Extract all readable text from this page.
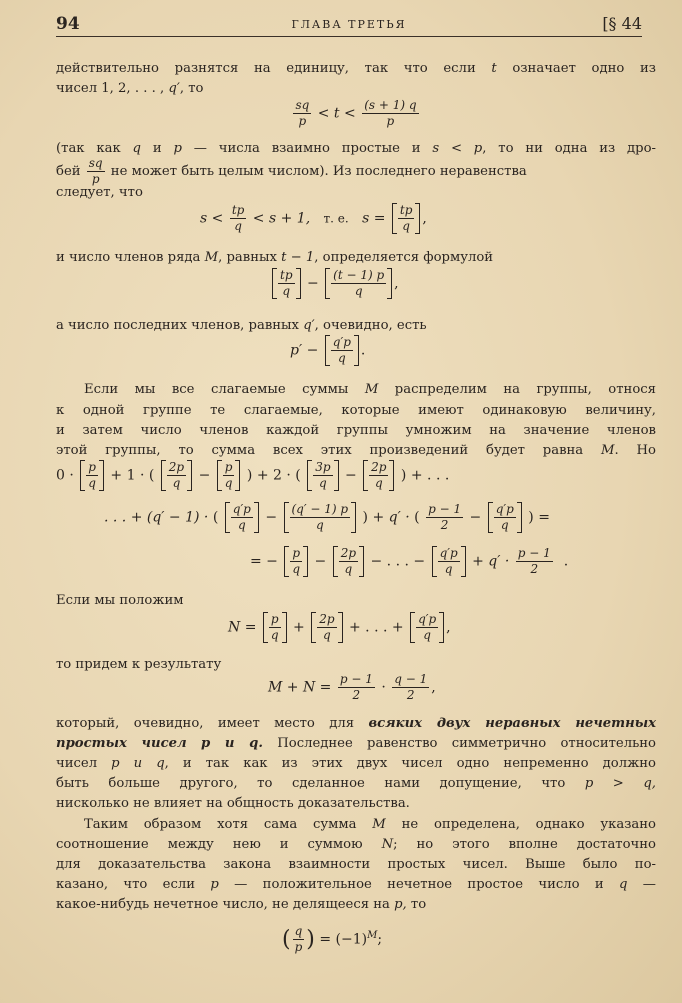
94	ГЛАВА ТРЕТЬЯ	[§ 44
действительно разнятся на единицу, так что если t означает одно из
чисел 1, 2, . . . , q′, то
$\frac{sq}{p} < t < \frac{(s + 1) q}{p}$
(так как q и p — числа взаимно простые и s < p, то ни одна из дро-
бей $\frac{sq}{p}$ не может быть целым числом). Из последнего неравенства
следует, что
$s < \frac{tp}{q} < s + 1$, т. е. $s = \frac{tp}{q}$ ,
и число членов ряда M, равных t − 1, определяется формулой
$\frac{tp}{q} - \frac{(t - 1) p}{q}$ ,
а число последних членов, равных q′, очевидно, есть
$p' - \frac{q'p}{q}$ .
Если мы все слагаемые суммы M распределим на группы, относя
к одной группе те слагаемые, которые имеют одинаковую величину,
и затем число членов каждой группы умножим на значение членов
этой группы, то сумма всех этих произведений будет равна M. Но
$0 \cdot \frac{p}{q} + 1$ · ( $\frac{2p}{q} - \frac{p}{q}$ ) + 2 · ( $\frac{3p}{q} - \frac{2p}{q}$ ) + . . .
. . . + (q′ − 1) · ( $\frac{q'p}{q} - \frac{(q' - 1) p}{q}$ ) + q′ · ( $\frac{p - 1}{2} - \frac{q'p}{q}$ ) =
= − $\frac{p}{q} - \frac{2p}{q}$ − . . . − $\frac{q'p}{q} + q' \cdot \frac{p - 1}{2}$ .
Если мы положим
$N = \frac{p}{q} + \frac{2p}{q}$ + . . . + $\frac{q'p}{q}$ ,
то придем к результату
$M + N = \frac{p - 1}{2} \cdot \frac{q - 1}{2}$ ,
который, очевидно, имеет место для всяких двух неравных нечетных
простых чисел p и q. Последнее равенство симметрично относительно
чисел p и q, и так как из этих двух чисел одно непременно должно
быть больше другого, то сделанное нами допущение, что p > q,
нисколько не влияет на общность доказательства.
Таким образом хотя сама сумма M не определена, однако указано
соотношение между нею и суммою N; но этого вполне достаточно
для доказательства закона взаимности простых чисел. Выше было по-
казано, что если p — положительное нечетное простое число и q —
какое-нибудь нечетное число, не делящееся на p, то
( $\frac{q}{p}$ ) = $(-1)^M$;
